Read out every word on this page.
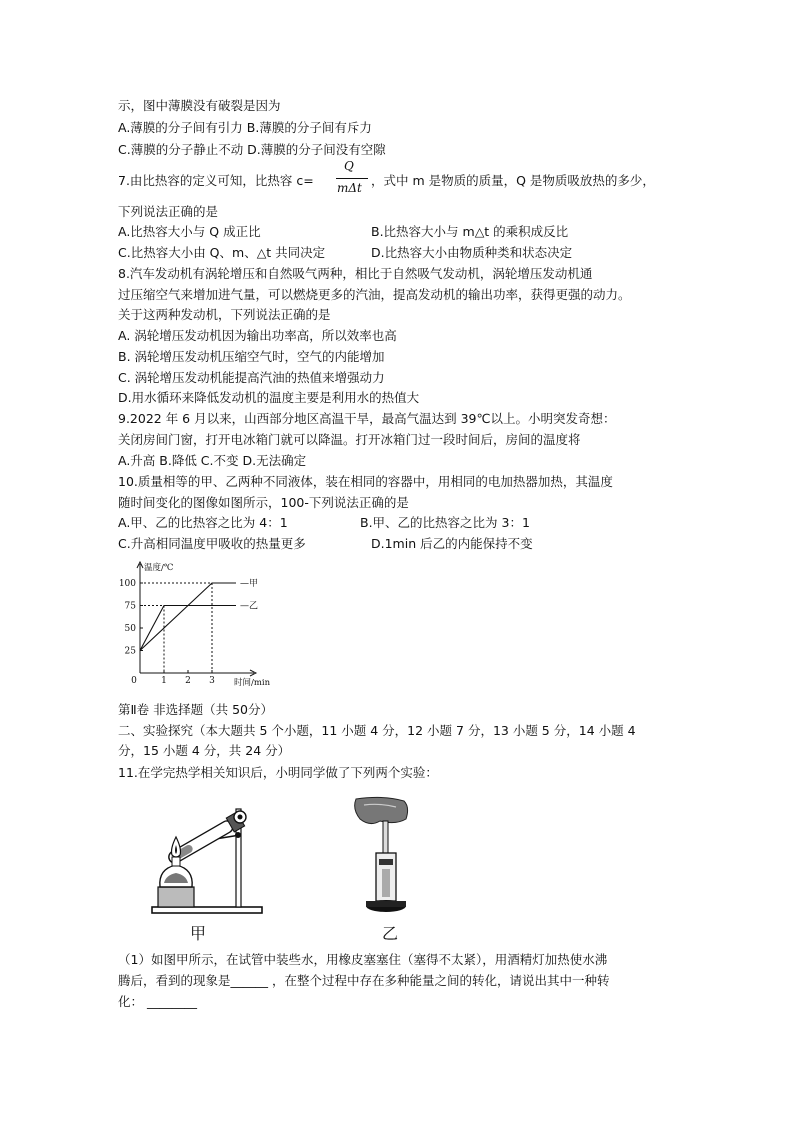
示，图中薄膜没有破裂是因为
A.薄膜的分子间有引力 B.薄膜的分子间有斥力
C.薄膜的分子静止不动 D.薄膜的分子间没有空隙
7.由比热容的定义可知，比热容 c=
Q
mΔt ，式中 m 是物质的质量，Q 是物质吸放热的多少，
下列说法正确的是
A.比热容大小与 Q 成正比	B.比热容大小与 m△t 的乘积成反比
C.比热容大小由 Q、m、△t 共同决定	D.比热容大小由物质种类和状态决定
8.汽车发动机有涡轮增压和自然吸气两种，相比于自然吸气发动机，涡轮增压发动机通
过压缩空气来增加进气量，可以燃烧更多的汽油，提高发动机的输出功率，获得更强的动力。
关于这两种发动机，下列说法正确的是
A. 涡轮增压发动机因为输出功率高，所以效率也高
B. 涡轮增压发动机压缩空气时，空气的内能增加
C. 涡轮增压发动机能提高汽油的热值来增强动力
D.用水循环来降低发动机的温度主要是利用水的热值大
9.2022 年 6 月以来，山西部分地区高温干旱，最高气温达到 39℃以上。小明突发奇想：
关闭房间门窗，打开电冰箱门就可以降温。打开冰箱门过一段时间后，房间的温度将
A.升高 B.降低 C.不变 D.无法确定
10.质量相等的甲、乙两种不同液体，装在相同的容器中，用相同的电加热器加热，其温度
随时间变化的图像如图所示，100-下列说法正确的是
A.甲、乙的比热容之比为 4：1	B.甲、乙的比热容之比为 3：1
C.升高相同温度甲吸收的热量更多	D.1min 后乙的内能保持不变
温度/℃
时间/min
0
25
50
75
100
1 2 3
—甲
—乙
第Ⅱ卷 非选择题（共 50分）
二、实验探究（本大题共 5 个小题，11 小题 4 分，12 小题 7 分，13 小题 5 分，14 小题 4
分，15 小题 4 分，共 24 分）
11.在学完热学相关知识后，小明同学做了下列两个实验：
甲	乙
（1）如图甲所示，在试管中装些水，用橡皮塞塞住（塞得不太紧），用酒精灯加热使水沸
腾后，看到的现象是______ ，在整个过程中存在多种能量之间的转化，请说出其中一种转
化： ________
